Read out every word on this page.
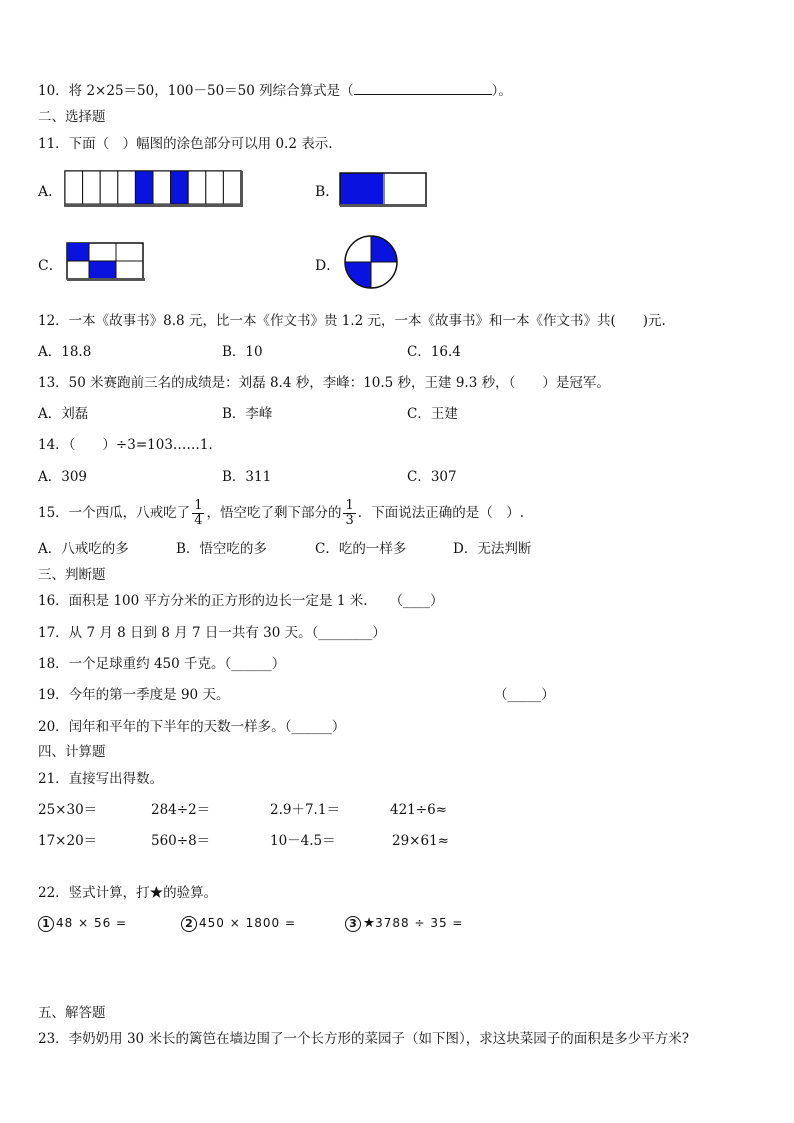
10．将 2×25＝50，100－50＝50 列综合算式是（	）。
二、选择题
11．下面（　）幅图的涂色部分可以用 0.2 表示.
A．	B．
C．	D．
12．一本《故事书》8.8 元，比一本《作文书》贵 1.2 元，一本《故事书》和一本《作文书》共(　　)元.
A．18.8	B．10	C．16.4
13．50 米赛跑前三名的成绩是：刘磊 8.4 秒，李峰：10.5 秒，王建 9.3 秒，（　　）是冠军。
A．刘磊	B．李峰	C．王建
14．（　　）÷3=103……1．
A．309	B．311	C．307
15．一个西瓜，八戒吃了 $\frac{1}{4}$ ，悟空吃了剩下部分的 $\frac{1}{3}$ ．下面说法正确的是（　）.
A．八戒吃的多	B．悟空吃的多	C．吃的一样多	D．无法判断
三、判断题
16．面积是 100 平方分米的正方形的边长一定是 1 米. （____）
17．从 7 月 8 日到 8 月 7 日一共有 30 天。（________）
18．一个足球重约 450 千克。（______）
19．今年的第一季度是 90 天。	（_____）
20．闰年和平年的下半年的天数一样多。（______）
四、计算题
21．直接写出得数。
25×30＝	284÷2＝	2.9＋7.1＝	421÷6≈
17×20＝	560÷8＝	10－4.5＝	29×61≈
22．竖式计算，打★的验算。
1 48 × 56 =	2 450 × 1800 =	3 ★3788 ÷ 35 =
五、解答题
23．李奶奶用 30 米长的篱笆在墙边围了一个长方形的菜园子（如下图），求这块菜园子的面积是多少平方米?
